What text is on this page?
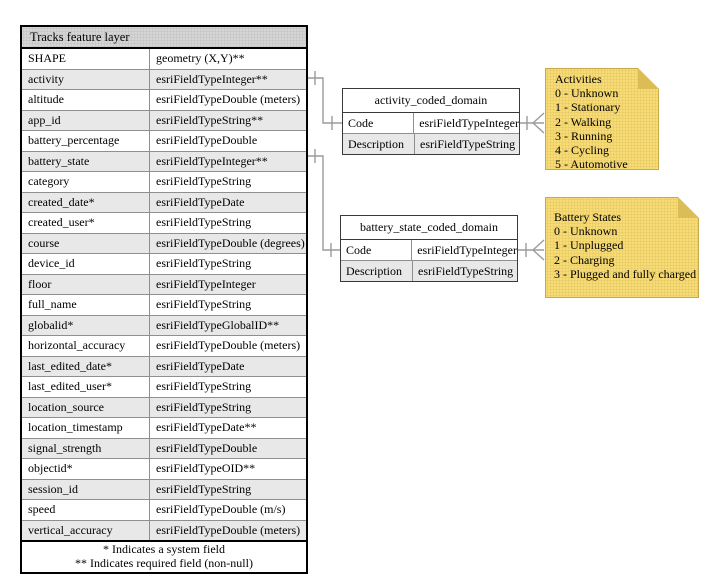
Tracks feature layer
SHAPE	geometry (X,Y)**
activity	esriFieldTypeInteger**
altitude	esriFieldTypeDouble (meters)
app_id	esriFieldTypeString**
battery_percentage	esriFieldTypeDouble
battery_state	esriFieldTypeInteger**
category	esriFieldTypeString
created_date*	esriFieldTypeDate
created_user*	esriFieldTypeString
course	esriFieldTypeDouble (degrees)
device_id	esriFieldTypeString
floor	esriFieldTypeInteger
full_name	esriFieldTypeString
globalid*	esriFieldTypeGlobalID**
horizontal_accuracy	esriFieldTypeDouble (meters)
last_edited_date*	esriFieldTypeDate
last_edited_user*	esriFieldTypeString
location_source	esriFieldTypeString
location_timestamp	esriFieldTypeDate**
signal_strength	esriFieldTypeDouble
objectid*	esriFieldTypeOID**
session_id	esriFieldTypeString
speed	esriFieldTypeDouble (m/s)
vertical_accuracy	esriFieldTypeDouble (meters)
* Indicates a system field
** Indicates required field (non-null)
activity_coded_domain
Code	esriFieldTypeInteger
Description	esriFieldTypeString
battery_state_coded_domain
Code	esriFieldTypeInteger
Description	esriFieldTypeString
Activities
0 - Unknown
1 - Stationary
2 - Walking
3 - Running
4 - Cycling
5 - Automotive
Battery States
0 - Unknown
1 - Unplugged
2 - Charging
3 - Plugged and fully charged
